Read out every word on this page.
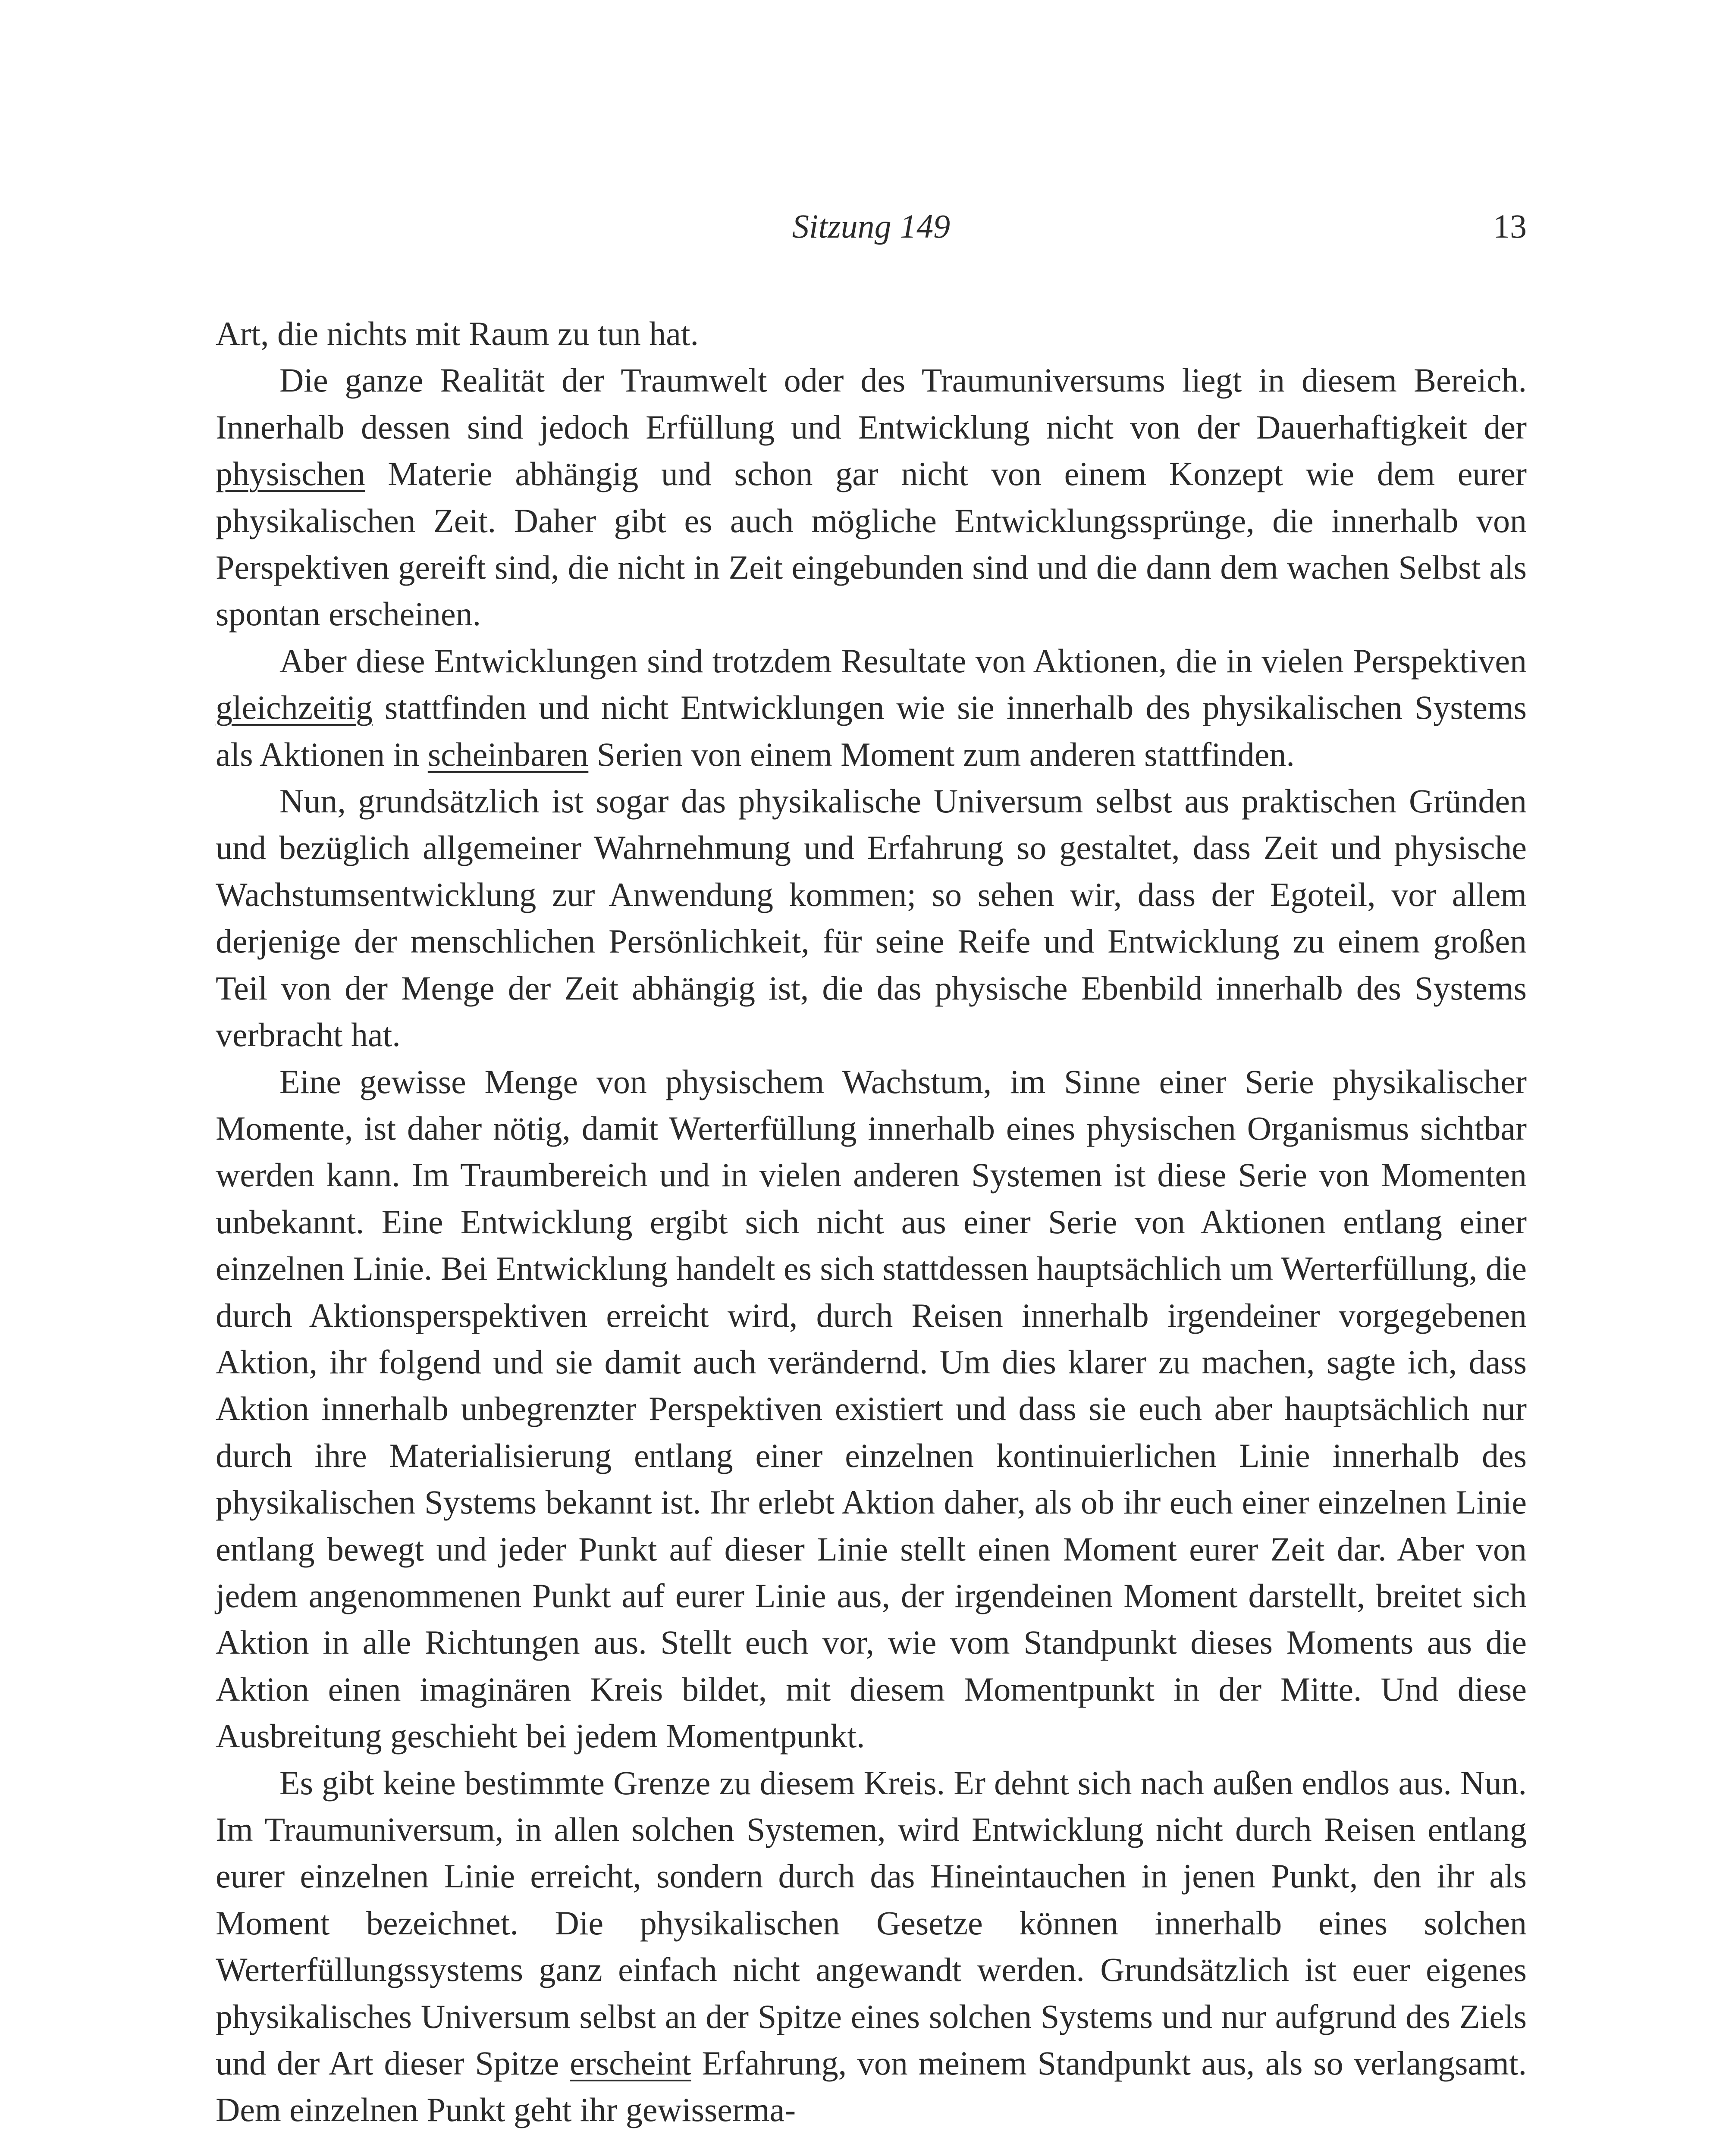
Sitzung 149	13

Art, die nichts mit Raum zu tun hat.

Die ganze Realität der Traumwelt oder des Traumuniversums liegt in diesem Bereich. Innerhalb dessen sind jedoch Erfüllung und Entwicklung nicht von der Dauerhaftigkeit der physischen Materie abhängig und schon gar nicht von einem Konzept wie dem eurer physikalischen Zeit. Daher gibt es auch mögliche Entwicklungssprünge, die innerhalb von Perspektiven gereift sind, die nicht in Zeit eingebunden sind und die dann dem wachen Selbst als spontan erscheinen.

Aber diese Entwicklungen sind trotzdem Resultate von Aktionen, die in vielen Perspektiven gleichzeitig stattfinden und nicht Entwicklungen wie sie innerhalb des physikalischen Systems als Aktionen in scheinbaren Serien von einem Moment zum anderen stattfinden.

Nun, grundsätzlich ist sogar das physikalische Universum selbst aus praktischen Gründen und bezüglich allgemeiner Wahrnehmung und Erfahrung so gestaltet, dass Zeit und physische Wachstumsentwicklung zur Anwendung kommen; so sehen wir, dass der Egoteil, vor allem derjenige der menschlichen Persönlichkeit, für seine Reife und Entwicklung zu einem großen Teil von der Menge der Zeit abhängig ist, die das physische Ebenbild innerhalb des Systems verbracht hat.

Eine gewisse Menge von physischem Wachstum, im Sinne einer Serie physikalischer Momente, ist daher nötig, damit Werterfüllung innerhalb eines physischen Organismus sichtbar werden kann. Im Traumbereich und in vielen anderen Systemen ist diese Serie von Momenten unbekannt. Eine Entwicklung ergibt sich nicht aus einer Serie von Aktionen entlang einer einzelnen Linie. Bei Entwicklung handelt es sich stattdessen hauptsächlich um Werterfüllung, die durch Aktionsperspektiven erreicht wird, durch Reisen innerhalb irgendeiner vorgegebenen Aktion, ihr folgend und sie damit auch verändernd. Um dies klarer zu machen, sagte ich, dass Aktion innerhalb unbegrenzter Perspektiven existiert und dass sie euch aber hauptsächlich nur durch ihre Materialisierung entlang einer einzelnen kontinuierlichen Linie innerhalb des physikalischen Systems bekannt ist. Ihr erlebt Aktion daher, als ob ihr euch einer einzelnen Linie entlang bewegt und jeder Punkt auf dieser Linie stellt einen Moment eurer Zeit dar. Aber von jedem angenommenen Punkt auf eurer Linie aus, der irgendeinen Moment darstellt, breitet sich Aktion in alle Richtungen aus. Stellt euch vor, wie vom Standpunkt dieses Moments aus die Aktion einen imaginären Kreis bildet, mit diesem Momentpunkt in der Mitte. Und diese Ausbreitung geschieht bei jedem Momentpunkt.

Es gibt keine bestimmte Grenze zu diesem Kreis. Er dehnt sich nach außen endlos aus. Nun. Im Traumuniversum, in allen solchen Systemen, wird Entwicklung nicht durch Reisen entlang eurer einzelnen Linie erreicht, sondern durch das Hineintauchen in jenen Punkt, den ihr als Moment bezeichnet. Die physikalischen Gesetze können innerhalb eines solchen Werterfüllungssystems ganz einfach nicht angewandt werden. Grundsätzlich ist euer eigenes physikalisches Universum selbst an der Spitze eines solchen Systems und nur aufgrund des Ziels und der Art dieser Spitze erscheint Erfahrung, von meinem Standpunkt aus, als so verlangsamt. Dem einzelnen Punkt geht ihr gewisserma-
